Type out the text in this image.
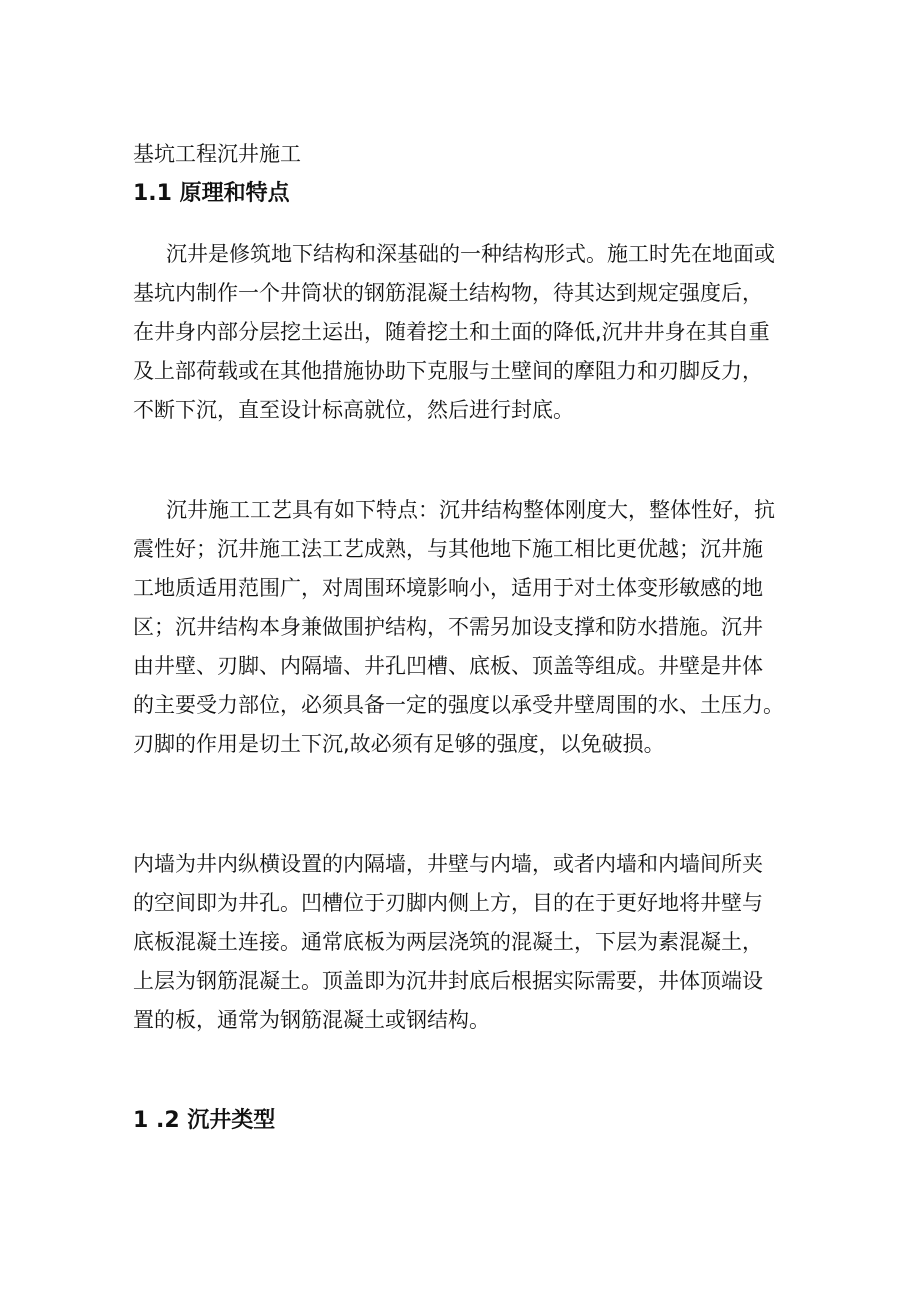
基坑工程沉井施工
1.1 原理和特点
沉井是修筑地下结构和深基础的一种结构形式。施工时先在地面或
基坑内制作一个井筒状的钢筋混凝土结构物，待其达到规定强度后，
在井身内部分层挖土运出，随着挖土和土面的降低,沉井井身在其自重
及上部荷载或在其他措施协助下克服与土壁间的摩阻力和刃脚反力，
不断下沉，直至设计标高就位，然后进行封底。
沉井施工工艺具有如下特点：沉井结构整体刚度大，整体性好，抗
震性好；沉井施工法工艺成熟，与其他地下施工相比更优越；沉井施
工地质适用范围广，对周围环境影响小，适用于对土体变形敏感的地
区；沉井结构本身兼做围护结构，不需另加设支撑和防水措施。沉井
由井壁、刃脚、内隔墙、井孔凹槽、底板、顶盖等组成。井壁是井体
的主要受力部位，必须具备一定的强度以承受井壁周围的水、土压力。
刃脚的作用是切土下沉,故必须有足够的强度，以免破损。
内墙为井内纵横设置的内隔墙，井壁与内墙，或者内墙和内墙间所夹
的空间即为井孔。凹槽位于刃脚内侧上方，目的在于更好地将井壁与
底板混凝土连接。通常底板为两层浇筑的混凝土，下层为素混凝土，
上层为钢筋混凝土。顶盖即为沉井封底后根据实际需要，井体顶端设
置的板，通常为钢筋混凝土或钢结构。
1 .2 沉井类型
